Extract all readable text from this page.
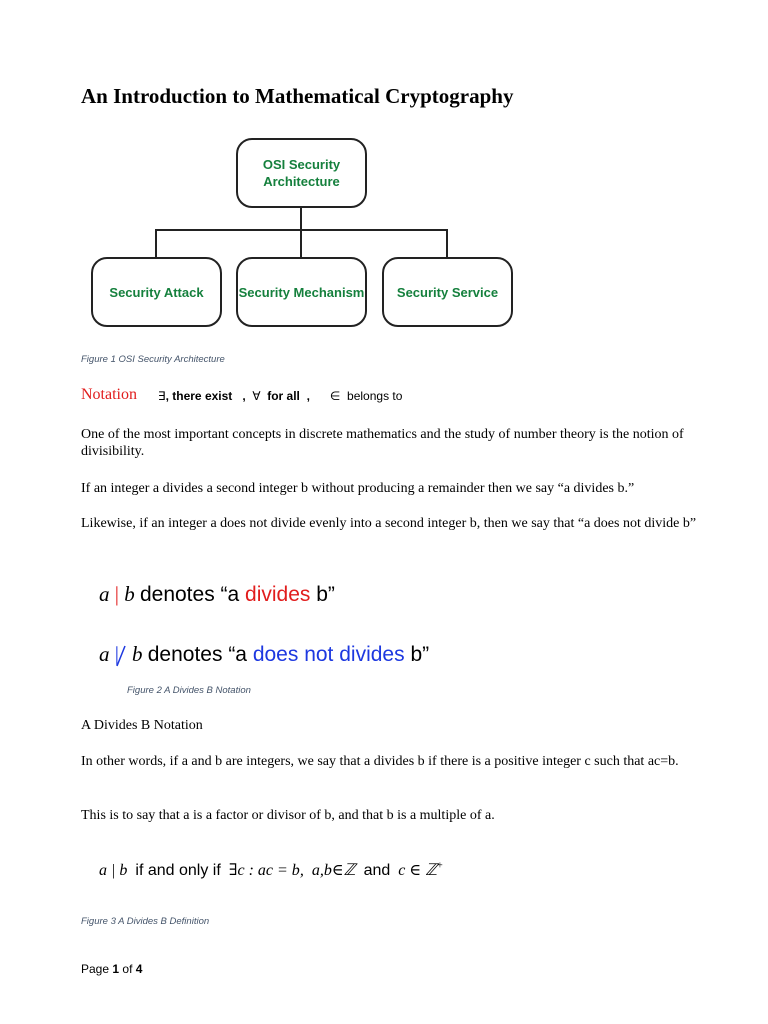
An Introduction to Mathematical Cryptography
OSI Security Architecture
Security Attack	Security Mechanism	Security Service
Figure 1 OSI Security Architecture
Notation ∃, there exist , ∀ for all , ∈ belongs to
One of the most important concepts in discrete mathematics and the study of number theory is the notion of divisibility.
If an integer a divides a second integer b without producing a remainder then we say “a divides b.”
Likewise, if an integer a does not divide evenly into a second integer b, then we say that “a does not divide b”
a | b denotes “a divides b”
a | b denotes “a does not divides b”
Figure 2 A Divides B Notation
A Divides B Notation
In other words, if a and b are integers, we say that a divides b if there is a positive integer c such that ac=b.
This is to say that a is a factor or divisor of b, and that b is a multiple of a.
a | b if and only if ∃c : ac = b, a,b∈ℤ and c ∈ ℤ+
Figure 3 A Divides B Definition
Page 1 of 4
